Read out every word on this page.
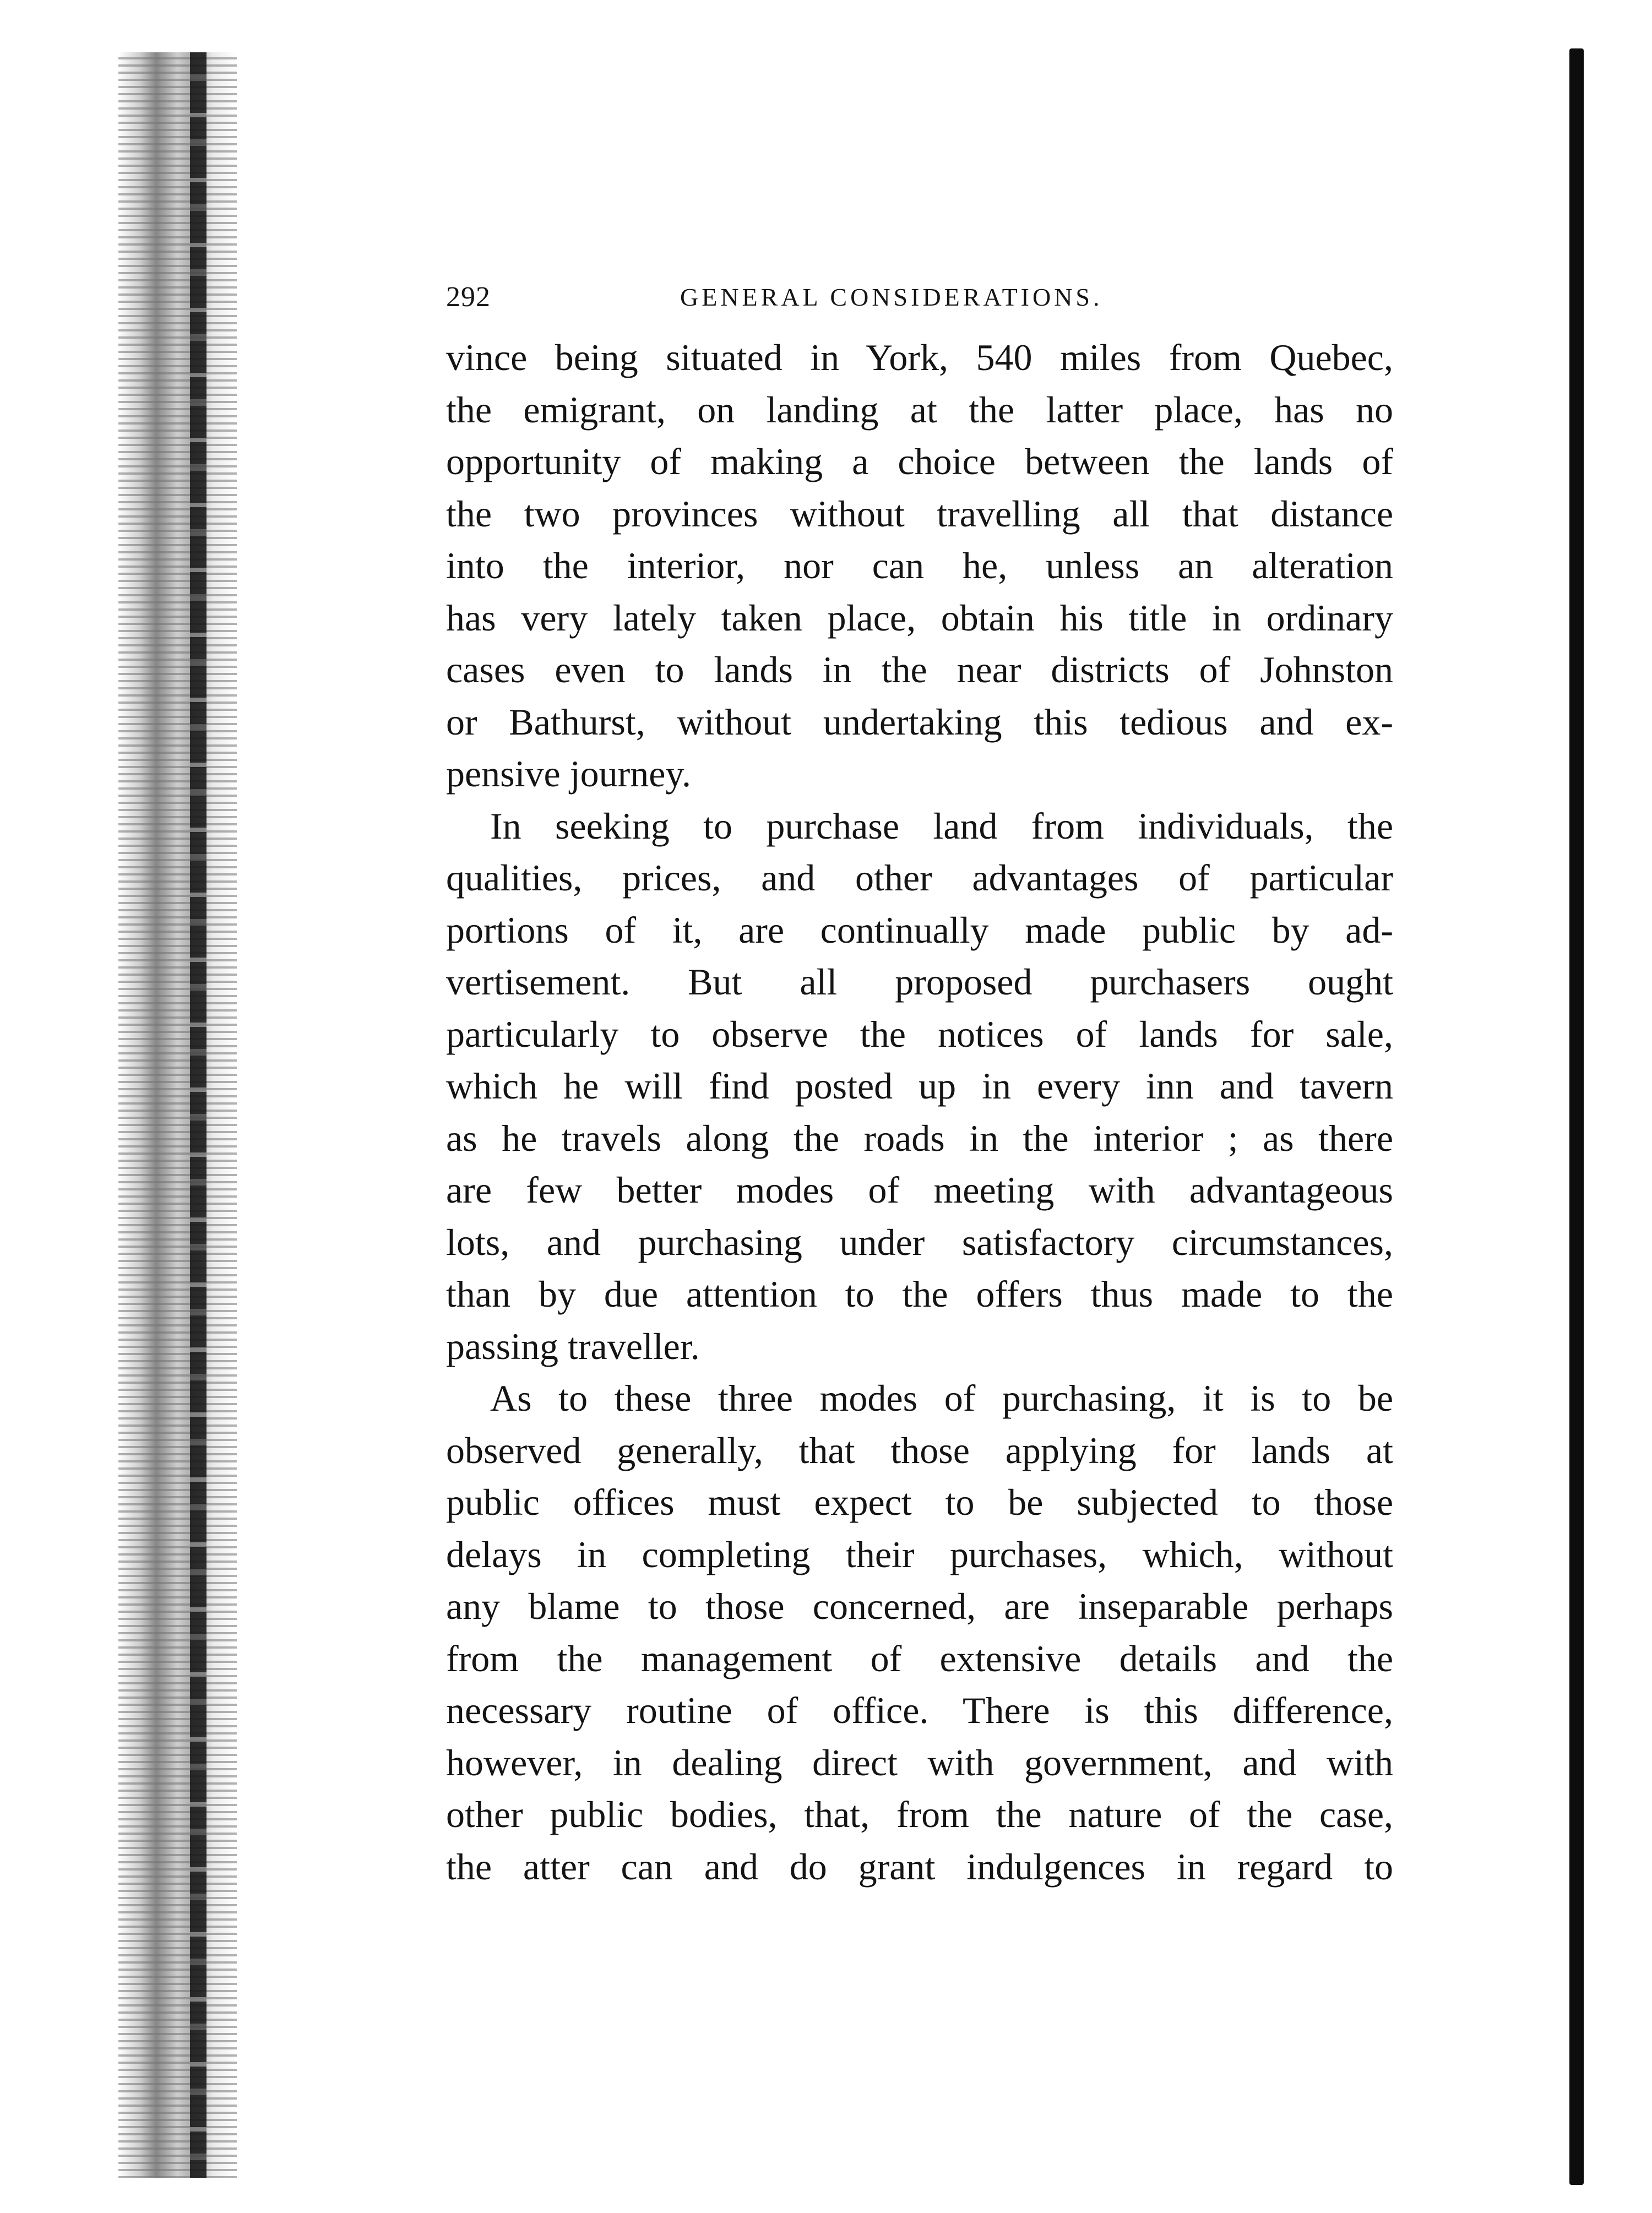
292	GENERAL CONSIDERATIONS.
vince being situated in York, 540 miles from Quebec,
the emigrant, on landing at the latter place, has no
opportunity of making a choice between the lands of
the two provinces without travelling all that distance
into the interior, nor can he, unless an alteration
has very lately taken place, obtain his title in ordinary
cases even to lands in the near districts of Johnston
or Bathurst, without undertaking this tedious and ex-
pensive journey.
In seeking to purchase land from individuals, the
qualities, prices, and other advantages of particular
portions of it, are continually made public by ad-
vertisement. But all proposed purchasers ought
particularly to observe the notices of lands for sale,
which he will find posted up in every inn and tavern
as he travels along the roads in the interior ; as there
are few better modes of meeting with advantageous
lots, and purchasing under satisfactory circumstances,
than by due attention to the offers thus made to the
passing traveller.
As to these three modes of purchasing, it is to be
observed generally, that those applying for lands at
public offices must expect to be subjected to those
delays in completing their purchases, which, without
any blame to those concerned, are inseparable perhaps
from the management of extensive details and the
necessary routine of office. There is this difference,
however, in dealing direct with government, and with
other public bodies, that, from the nature of the case,
the atter can and do grant indulgences in regard to
